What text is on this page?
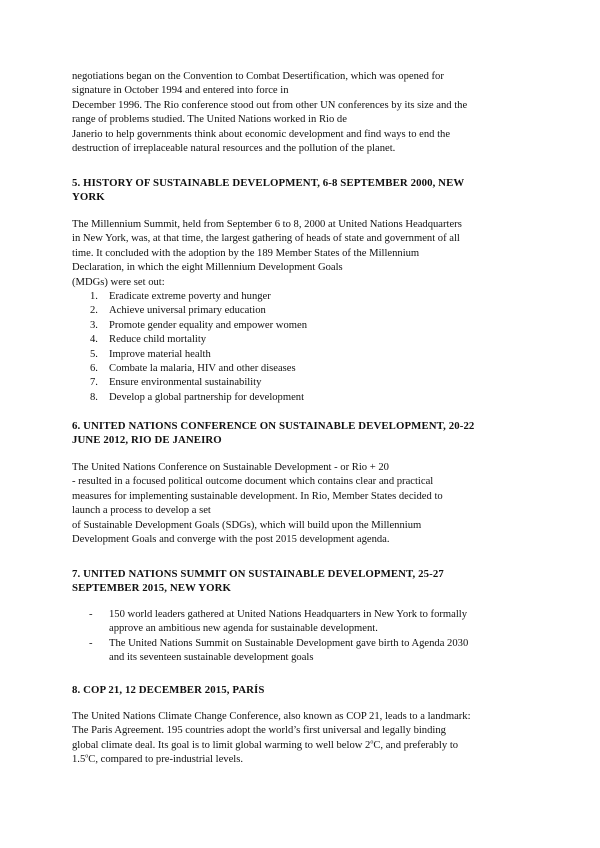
negotiations began on the Convention to Combat Desertification, which was opened for

signature in October 1994 and entered into force in

December 1996. The Rio conference stood out from other UN conferences by its size and the

range of problems studied. The United Nations worked in Rio de

Janerio to help governments think about economic development and find ways to end the

destruction of irreplaceable natural resources and the pollution of the planet.

5. HISTORY OF SUSTAINABLE DEVELOPMENT, 6-8 SEPTEMBER 2000, NEW
YORK

The Millennium Summit, held from September 6 to 8, 2000 at United Nations Headquarters

in New York, was, at that time, the largest gathering of heads of state and government of all

time. It concluded with the adoption by the 189 Member States of the Millennium

Declaration, in which the eight Millennium Development Goals

(MDGs) were set out:

1. Eradicate extreme poverty and hunger
2. Achieve universal primary education
3. Promote gender equality and empower women
4. Reduce child mortality
5. Improve material health
6. Combate la malaria, HIV and other diseases
7. Ensure environmental sustainability
8. Develop a global partnership for development
6. UNITED NATIONS CONFERENCE ON SUSTAINABLE DEVELOPMENT, 20-22
JUNE 2012, RIO DE JANEIRO

The United Nations Conference on Sustainable Development - or Rio + 20

- resulted in a focused political outcome document which contains clear and practical

measures for implementing sustainable development. In Rio, Member States decided to

launch a process to develop a set

of Sustainable Development Goals (SDGs), which will build upon the Millennium

Development Goals and converge with the post 2015 development agenda.

7. UNITED NATIONS SUMMIT ON SUSTAINABLE DEVELOPMENT, 25-27
SEPTEMBER 2015, NEW YORK
- 150 world leaders gathered at United Nations Headquarters in New York to formally
approve an ambitious new agenda for sustainable development.
- The United Nations Summit on Sustainable Development gave birth to Agenda 2030
and its seventeen sustainable development goals
8. COP 21, 12 DECEMBER 2015, PARÍS

The United Nations Climate Change Conference, also known as COP 21, leads to a landmark:

The Paris Agreement. 195 countries adopt the world’s first universal and legally binding

global climate deal. Its goal is to limit global warming to well below 2$^o$C, and preferably to

1.5$^o$C, compared to pre-industrial levels.
